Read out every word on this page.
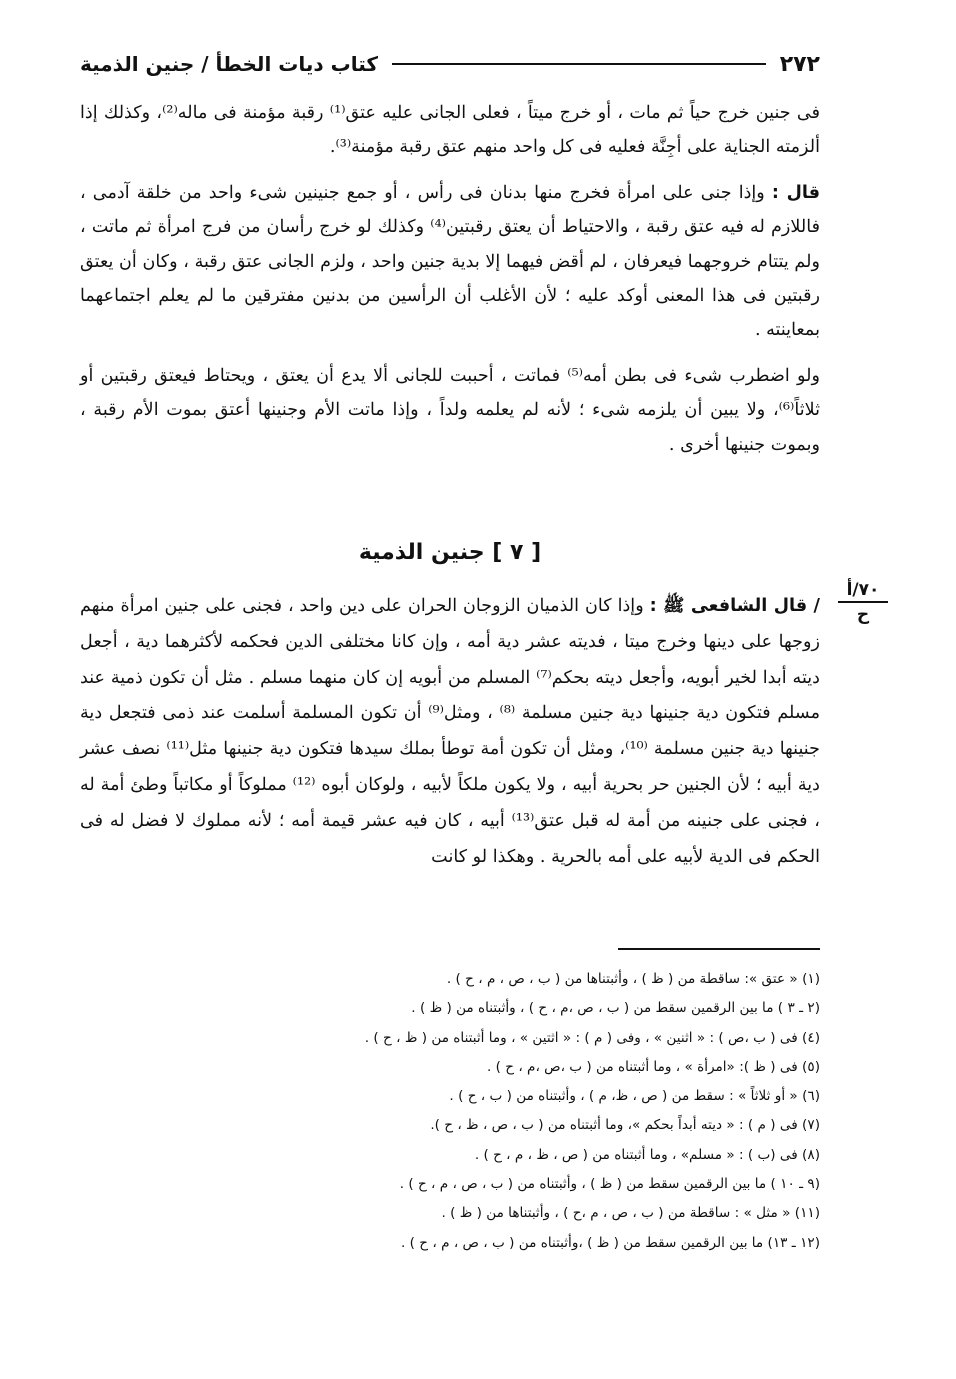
٢٧٢
كتاب ديات الخطأ / جنين الذمية

فى جنين خرج حياً ثم مات ، أو خرج ميتاً ، فعلى الجانى عليه عتق⁽¹⁾ رقبة مؤمنة فى ماله⁽²⁾، وكذلك إذا ألزمته الجناية على أجِنَّة فعليه فى كل واحد منهم عتق رقبة مؤمنة⁽³⁾.

قال : وإذا جنى على امرأة فخرج منها بدنان فى رأس ، أو جمع جنينين شىء واحد من خلقة آدمى ، فاللازم له فيه عتق رقبة ، والاحتياط أن يعتق رقبتين⁽⁴⁾ وكذلك لو خرج رأسان من فرج امرأة ثم ماتت ، ولم يتتام خروجهما فيعرفان ، لم أقض فيهما إلا بدية جنين واحد ، ولزم الجانى عتق رقبة ، وكان أن يعتق رقبتين فى هذا المعنى أوكد عليه ؛ لأن الأغلب أن الرأسين من بدنين مفترقين ما لم يعلم اجتماعهما بمعاينته .

ولو اضطرب شىء فى بطن أمه⁽⁵⁾ فماتت ، أحببت للجانى ألا يدع أن يعتق ، ويحتاط فيعتق رقبتين أو ثلاثاً⁽⁶⁾، ولا يبين أن يلزمه شىء ؛ لأنه لم يعلمه ولداً ، وإذا ماتت الأم وجنينها أعتق بموت الأم رقبة ، وبموت جنينها أخرى .

[ ٧ ] جنين الذمية
٧٠/أ
ح

/ قال الشافعى ﷺ : وإذا كان الذميان الزوجان الحران على دين واحد ، فجنى على جنين امرأة منهم زوجها على دينها وخرج ميتا ، فديته عشر دية أمه ، وإن كانا مختلفى الدين فحكمه لأكثرهما دية ، أجعل ديته أبدا لخير أبويه، وأجعل ديته بحكم⁽⁷⁾ المسلم من أبويه إن كان منهما مسلم . مثل أن تكون ذمية عند مسلم فتكون دية جنينها دية جنين مسلمة ⁽⁸⁾ ، ومثل⁽⁹⁾ أن تكون المسلمة أسلمت عند ذمى فتجعل دية جنينها دية جنين مسلمة ⁽¹⁰⁾، ومثل أن تكون أمة توطأ بملك سيدها فتكون دية جنينها مثل⁽¹¹⁾ نصف عشر دية أبيه ؛ لأن الجنين حر بحرية أبيه ، ولا يكون ملكاً لأبيه ، ولوكان أبوه ⁽¹²⁾ مملوكاً أو مكاتباً وطئ أمة له ، فجنى على جنينه من أمة له قبل عتق⁽¹³⁾ أبيه ، كان فيه عشر قيمة أمه ؛ لأنه مملوك لا فضل له فى الحكم فى الدية لأبيه على أمه بالحرية . وهكذا لو كانت

(١) « عتق »: ساقطة من ( ظ ) ، وأثبتناها من ( ب ، ص ، م ، ح ) .
(٢ ـ ٣ ) ما بين الرقمين سقط من ( ب ، ص ،م ، ح ) ، وأثبتناه من ( ظ ) .
(٤) فى ( ب ،ص ) : « اثنين » ، وفى ( م ) : « اثتين » ، وما أثبتناه من ( ظ ، ح ) .
(٥) فى ( ظ ): «امرأة » ، وما أثبتناه من ( ب ،ص ،م ، ح ) .
(٦) « أو ثلاثاً » : سقط من ( ص ، ظ، م ) ، وأثبتناه من ( ب ، ح ) .
(٧) فى ( م ) : « ديته أبداً بحكم »، وما أثبتناه من ( ب ، ص ، ظ ، ح ).
(٨) فى (ب ) : « مسلم» ، وما أثبتناه من ( ص ، ظ ، م ، ح ) .
(٩ ـ ١٠ ) ما بين الرقمين سقط من ( ظ ) ، وأثبتناه من ( ب ، ص ، م ، ح ) .
(١١) « مثل » : ساقطة من ( ب ، ص ، م ،ح ) ، وأثبتناها من ( ظ ) .
(١٢ ـ ١٣) ما بين الرقمين سقط من ( ظ ) ،وأثبتناه من ( ب ، ص ، م ، ح ) .
